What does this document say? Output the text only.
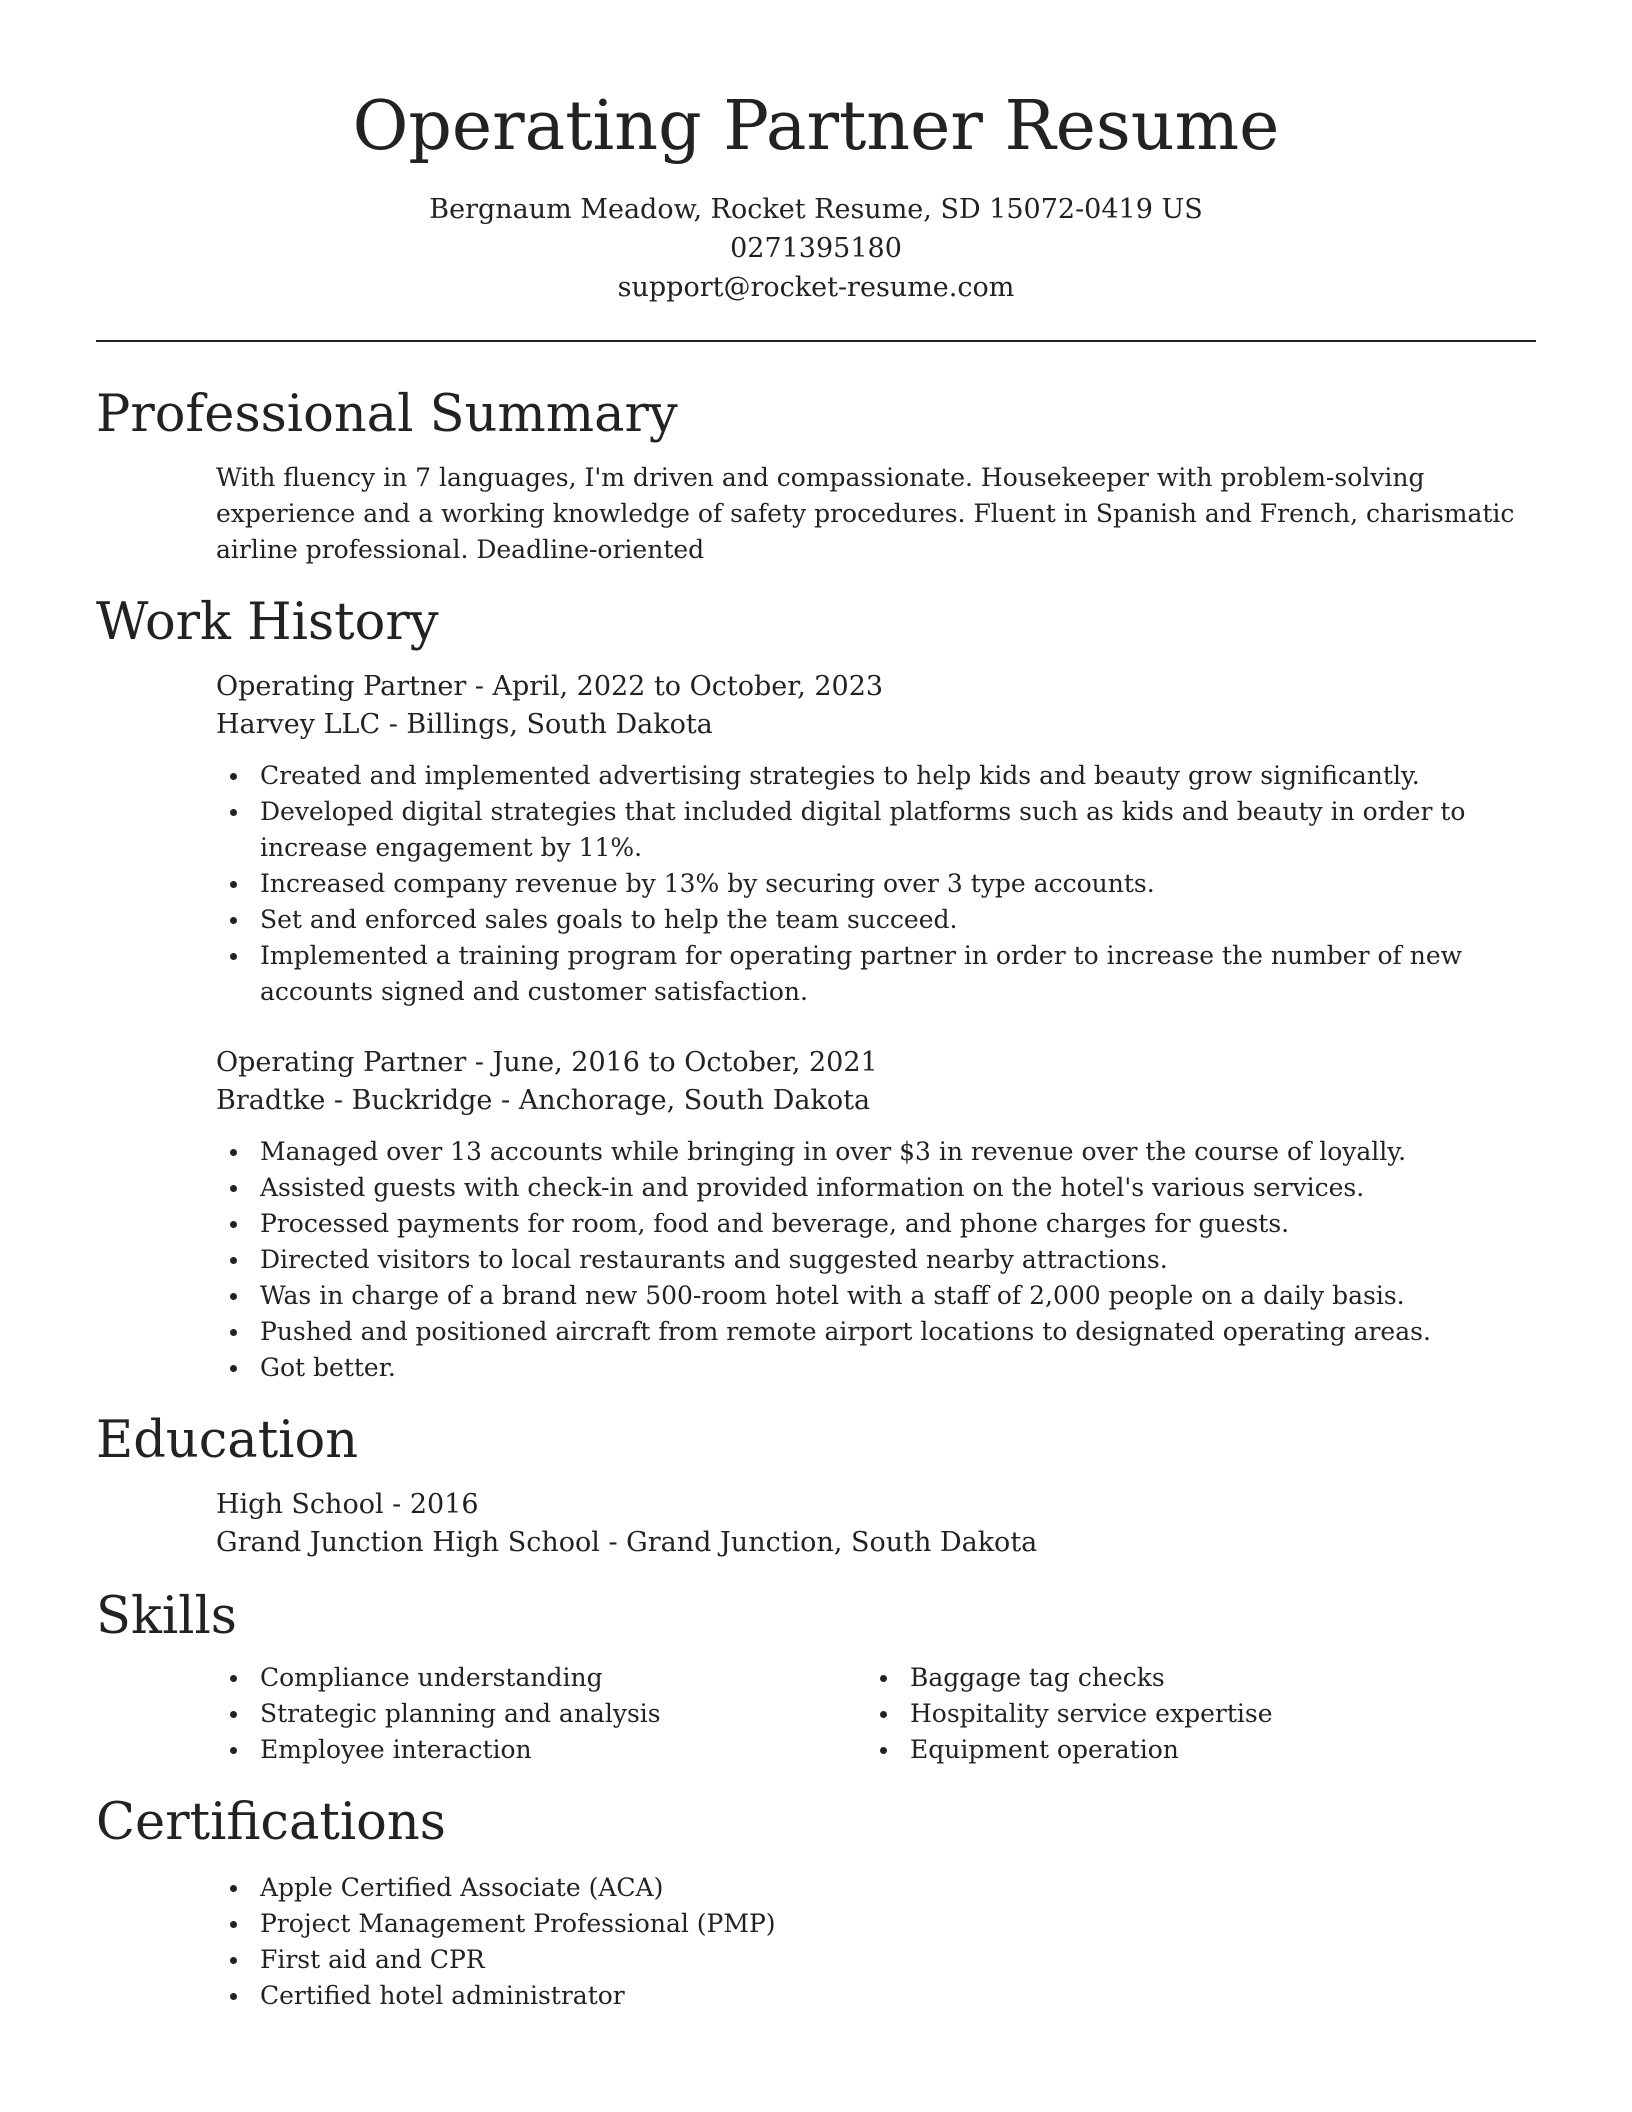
Operating Partner Resume
Bergnaum Meadow, Rocket Resume, SD 15072-0419 US
0271395180
support@rocket-resume.com
Professional Summary
With fluency in 7 languages, I'm driven and compassionate. Housekeeper with problem-solving experience and a working knowledge of safety procedures. Fluent in Spanish and French, charismatic airline professional. Deadline-oriented
Work History
Operating Partner - April, 2022 to October, 2023
Harvey LLC - Billings, South Dakota
Created and implemented advertising strategies to help kids and beauty grow significantly.
Developed digital strategies that included digital platforms such as kids and beauty in order to increase engagement by 11%.
Increased company revenue by 13% by securing over 3 type accounts.
Set and enforced sales goals to help the team succeed.
Implemented a training program for operating partner in order to increase the number of new accounts signed and customer satisfaction.
Operating Partner - June, 2016 to October, 2021
Bradtke - Buckridge - Anchorage, South Dakota
Managed over 13 accounts while bringing in over $3 in revenue over the course of loyally.
Assisted guests with check-in and provided information on the hotel's various services.
Processed payments for room, food and beverage, and phone charges for guests.
Directed visitors to local restaurants and suggested nearby attractions.
Was in charge of a brand new 500-room hotel with a staff of 2,000 people on a daily basis.
Pushed and positioned aircraft from remote airport locations to designated operating areas.
Got better.
Education
High School - 2016
Grand Junction High School - Grand Junction, South Dakota
Skills
Compliance understanding
Strategic planning and analysis
Employee interaction
Baggage tag checks
Hospitality service expertise
Equipment operation
Certifications
Apple Certified Associate (ACA)
Project Management Professional (PMP)
First aid and CPR
Certified hotel administrator
